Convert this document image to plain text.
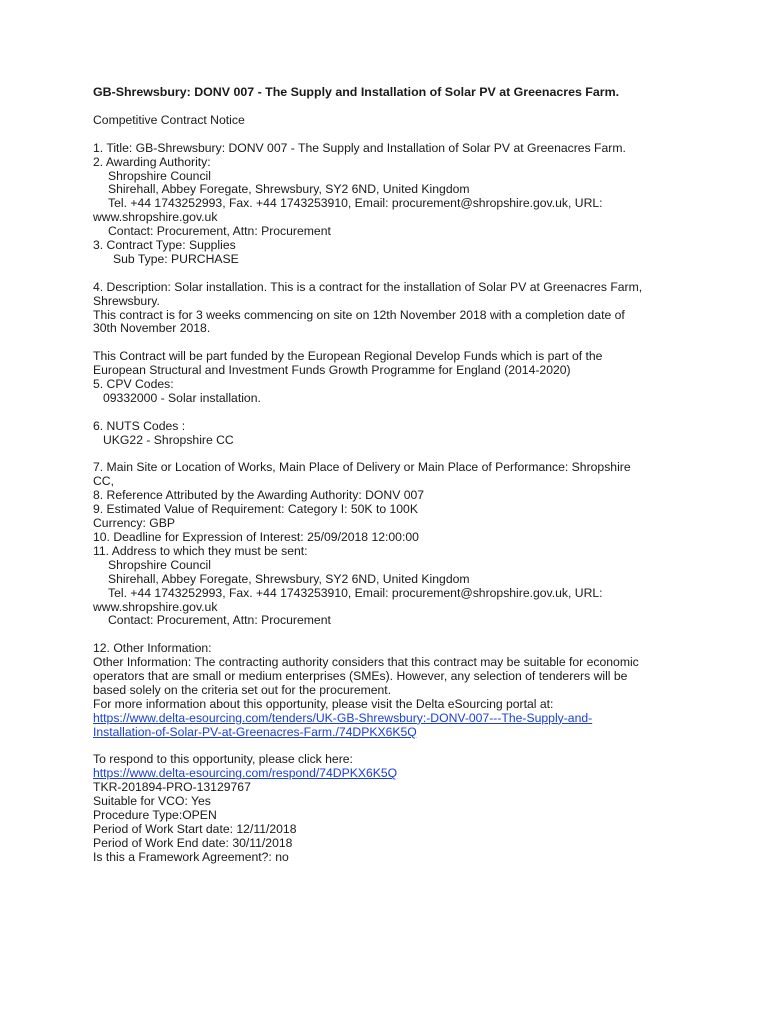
GB-Shrewsbury: DONV 007 - The Supply and Installation of Solar PV at Greenacres Farm.
Competitive Contract Notice
1. Title: GB-Shrewsbury: DONV 007 - The Supply and Installation of Solar PV at Greenacres Farm.
2. Awarding Authority:
Shropshire Council
Shirehall, Abbey Foregate, Shrewsbury, SY2 6ND, United Kingdom
Tel. +44 1743252993, Fax. +44 1743253910, Email: procurement@shropshire.gov.uk, URL:
www.shropshire.gov.uk
Contact: Procurement, Attn: Procurement
3. Contract Type: Supplies
Sub Type: PURCHASE
4. Description: Solar installation. This is a contract for the installation of Solar PV at Greenacres Farm,
Shrewsbury.
This contract is for 3 weeks commencing on site on 12th November 2018 with a completion date of
30th November 2018.
This Contract will be part funded by the European Regional Develop Funds which is part of the
European Structural and Investment Funds Growth Programme for England (2014-2020)
5. CPV Codes:
09332000 - Solar installation.
6. NUTS Codes :
UKG22 - Shropshire CC
7. Main Site or Location of Works, Main Place of Delivery or Main Place of Performance: Shropshire
CC,
8. Reference Attributed by the Awarding Authority: DONV 007
9. Estimated Value of Requirement: Category I: 50K to 100K
Currency: GBP
10. Deadline for Expression of Interest: 25/09/2018 12:00:00
11. Address to which they must be sent:
Shropshire Council
Shirehall, Abbey Foregate, Shrewsbury, SY2 6ND, United Kingdom
Tel. +44 1743252993, Fax. +44 1743253910, Email: procurement@shropshire.gov.uk, URL:
www.shropshire.gov.uk
Contact: Procurement, Attn: Procurement
12. Other Information:
Other Information: The contracting authority considers that this contract may be suitable for economic
operators that are small or medium enterprises (SMEs). However, any selection of tenderers will be
based solely on the criteria set out for the procurement.
For more information about this opportunity, please visit the Delta eSourcing portal at:
https://www.delta-esourcing.com/tenders/UK-GB-Shrewsbury:-DONV-007---The-Supply-and-
Installation-of-Solar-PV-at-Greenacres-Farm./74DPKX6K5Q
To respond to this opportunity, please click here:
https://www.delta-esourcing.com/respond/74DPKX6K5Q
TKR-201894-PRO-13129767
Suitable for VCO: Yes
Procedure Type:OPEN
Period of Work Start date: 12/11/2018
Period of Work End date: 30/11/2018
Is this a Framework Agreement?: no
